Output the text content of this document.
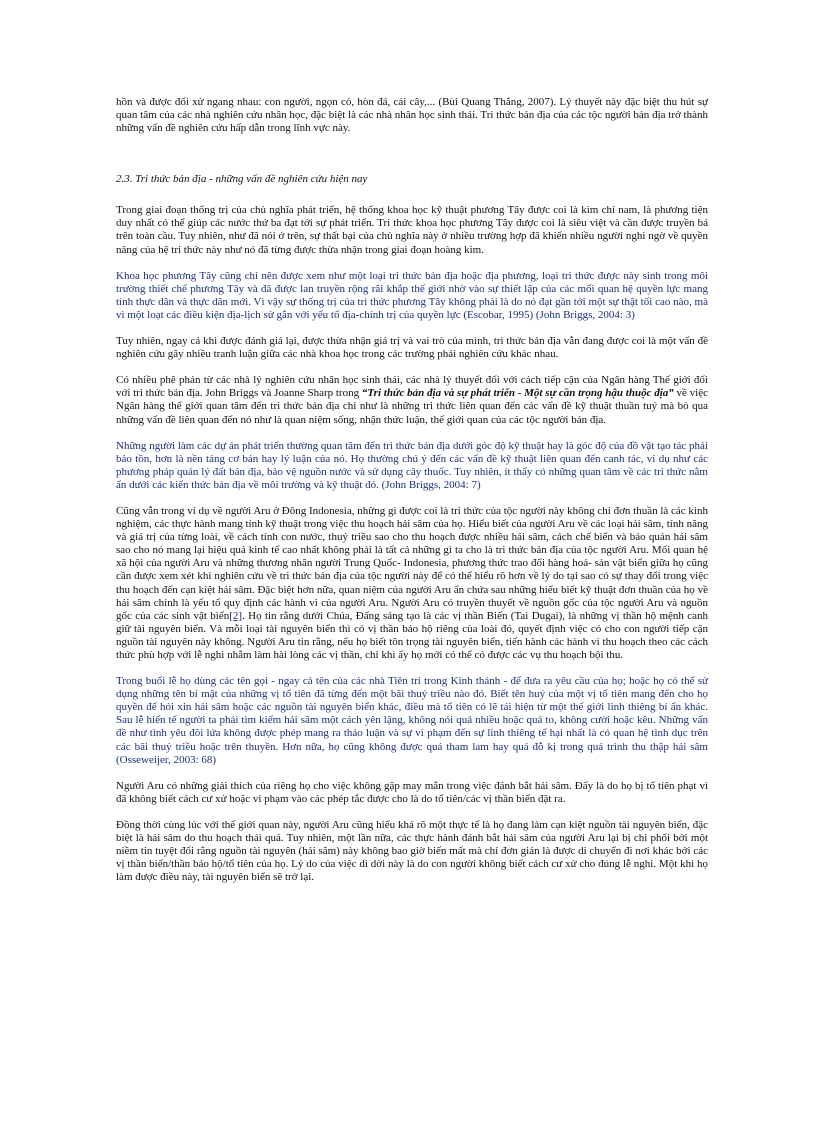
hồn và được đối xử ngang nhau: con người, ngọn cỏ, hòn đá, cái cây,... (Bùi Quang Thắng, 2007). Lý thuyết này đặc biệt thu hút sự quan tâm của các nhà nghiên cứu nhân học, đặc biệt là các nhà nhân học sinh thái. Tri thức bản địa của các tộc người bản địa trở thành những vấn đề nghiên cứu hấp dẫn trong lĩnh vực này.

2.3. Tri thức bản địa - những vấn đề nghiên cứu hiện nay

Trong giai đoạn thống trị của chủ nghĩa phát triển, hệ thống khoa học kỹ thuật phương Tây được coi là kim chỉ nam, là phương tiện duy nhất có thể giúp các nước thứ ba đạt tới sự phát triển. Tri thức khoa học phương Tây được coi là siêu việt và cần được truyền bá trên toàn cầu. Tuy nhiên, như đã nói ở trên, sự thất bại của chủ nghĩa này ở nhiều trường hợp đã khiến nhiều người nghi ngờ về quyền năng của hệ tri thức này như nó đã từng được thừa nhận trong giai đoạn hoàng kim.

Khoa học phương Tây cũng chỉ nên được xem như một loại tri thức bản địa hoặc địa phương, loại tri thức được này sinh trong môi trường thiết chế phương Tây và đã được lan truyền rộng rãi khắp thế giới nhờ vào sự thiết lập của các mối quan hệ quyền lực mang tính thực dân và thực dân mới. Vì vậy sự thống trị của tri thức phương Tây không phải là do nó đạt gần tới một sự thật tối cao nào, mà vì một loạt các điều kiện địa-lịch sử gắn với yếu tố địa-chính trị của quyền lực (Escobar, 1995) (John Briggs, 2004: 3)

Tuy nhiên, ngay cả khi được đánh giá lại, được thừa nhận giá trị và vai trò của mình, tri thức bản địa vẫn đang được coi là một vấn đề nghiên cứu gây nhiều tranh luận giữa các nhà khoa học trong các trường phái nghiên cứu khác nhau.

Có nhiều phê phán từ các nhà lý nghiên cứu nhân học sinh thái, các nhà lý thuyết đối với cách tiếp cận của Ngân hàng Thế giới đối với tri thức bản địa. John Briggs và Joanne Sharp trong “Tri thức bản địa và sự phát triển - Một sự cần trọng hậu thuộc địa” về việc Ngân hàng thế giới quan tâm đến tri thức bản địa chỉ như là những tri thức liên quan đến các vấn đề kỹ thuật thuần tuý mà bỏ qua những vấn đề liên quan đến nó như là quan niệm sống, nhận thức luận, thế giới quan của các tộc người bản địa.

Những người làm các dự án phát triển thường quan tâm đến tri thức bản địa dưới góc độ kỹ thuật hay là góc độ của đồ vật tạo tác phải bảo tồn, hơn là nền tảng cơ bản hay lý luận của nó. Họ thường chú ý đến các vấn đề kỹ thuật liên quan đến canh tác, ví dụ như các phương pháp quản lý đất bản địa, bảo vệ nguồn nước và sử dụng cây thuốc. Tuy nhiên, ít thấy có những quan tâm về các tri thức nằm ẩn dưới các kiến thức bản địa về môi trường và kỹ thuật đó. (John Briggs, 2004: 7)

Cũng vẫn trong ví dụ về người Aru ở Đông Indonesia, những gì được coi là tri thức của tộc người này không chỉ đơn thuần là các kinh nghiệm, các thực hành mang tính kỹ thuật trong việc thu hoạch hải sâm của họ. Hiểu biết của người Aru về các loại hải sâm, tính năng và giá trị của từng loài, về cách tính con nước, thuỷ triều sao cho thu hoạch được nhiều hải sâm, cách chế biến và bảo quản hải sâm sao cho nó mang lại hiệu quả kinh tế cao nhất không phải là tất cả những gì ta cho là tri thức bản địa của tộc người Aru. Mối quan hệ xã hội của người Aru và những thương nhân người Trung Quốc- Indonesia, phương thức trao đổi hàng hoá- sản vật biển giữa họ cũng cần được xem xét khi nghiên cứu về tri thức bản địa của tộc người này để có thể hiểu rõ hơn về lý do tại sao có sự thay đổi trong việc thu hoạch đến cạn kiệt hải sâm. Đặc biệt hơn nữa, quan niệm của người Aru ẩn chứa sau những hiểu biết kỹ thuật đơn thuần của họ về hải sâm chính là yếu tố quy định các hành vi của người Aru. Người Aru có truyền thuyết về nguồn gốc của tộc người Aru và nguồn gốc của các sinh vật biển[2]. Họ tin rằng dưới Chúa, Đấng sáng tạo là các vị thần Biển (Tai Dugai), là những vị thần hộ mệnh canh giữ tài nguyên biển. Và mỗi loại tài nguyên biển thì có vị thần bảo hộ riêng của loài đó, quyết định việc có cho con người tiếp cận nguồn tài nguyên này không. Người Aru tin rằng, nếu họ biết tôn trọng tài nguyên biển, tiến hành các hành vi thu hoạch theo các cách thức phù hợp với lễ nghi nhằm làm hài lòng các vị thần, chỉ khi ấy họ mới có thể có được các vụ thu hoạch bội thu.

Trong buổi lễ họ dùng các tên gọi - ngay cả tên của các nhà Tiên tri trong Kinh thánh - để đưa ra yêu cầu của họ; hoặc họ có thể sử dụng những tên bí mật của những vị tổ tiên đã từng đến một bãi thuỷ triều nào đó. Biết tên huý của một vị tổ tiên mang đến cho họ quyền để hỏi xin hải sâm hoặc các nguồn tài nguyên biển khác, điều mà tổ tiên có lẽ tái hiện từ một thế giới linh thiêng bí ẩn khác. Sau lễ hiến tế người ta phải tìm kiếm hải sâm một cách yên lặng, không nói quá nhiều hoặc quá to, không cười hoặc kêu. Những vấn đề như tình yêu đôi lứa không được phép mang ra thảo luận và sự vi phạm đến sự linh thiêng tế hại nhất là có quan hệ tình dục trên các bãi thuỷ triều hoặc trên thuyền. Hơn nữa, họ cũng không được quá tham lam hay quá đỗ kị trong quá trình thu thập hải sâm (Osseweijer, 2003: 68)

Người Aru có những giải thích của riêng họ cho việc không gặp may mắn trong việc đánh bắt hải sâm. Đấy là do họ bị tổ tiên phạt vì đã không biết cách cư xử hoặc vi phạm vào các phép tắc được cho là do tổ tiên/các vị thần biển đặt ra.

Đồng thời cùng lúc với thế giới quan này, người Aru cũng hiểu khá rõ một thực tế là họ đang làm cạn kiệt nguồn tài nguyên biển, đặc biệt là hải sâm do thu hoạch thái quá. Tuy nhiên, một lần nữa, các thực hành đánh bắt hải sâm của người Aru lại bị chi phối bởi một niềm tin tuyệt đối rằng nguồn tài nguyên (hải sâm) này không bao giờ biến mất mà chỉ đơn giản là được di chuyển đi nơi khác bởi các vị thần biển/thần bảo hộ/tổ tiên của họ. Lý do của việc di dời này là do con người không biết cách cư xử cho đúng lễ nghi. Một khi họ làm được điều này, tài nguyên biển sẽ trở lại.
